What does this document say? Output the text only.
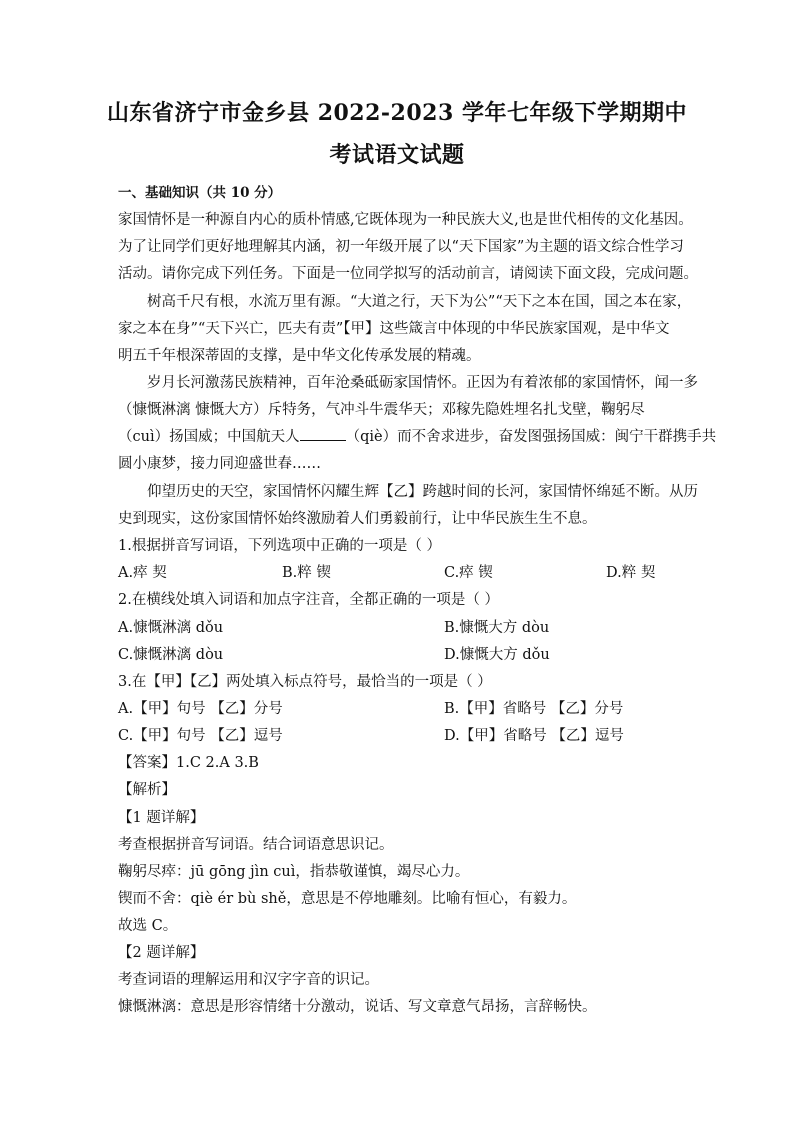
山东省济宁市金乡县 2022-2023 学年七年级下学期期中
考试语文试题
一、基础知识（共 10 分）
家国情怀是一种源自内心的质朴情感,它既体现为一种民族大义,也是世代相传的文化基因。
为了让同学们更好地理解其内涵，初一年级开展了以“天下国家”为主题的语文综合性学习
活动。请你完成下列任务。下面是一位同学拟写的活动前言，请阅读下面文段，完成问题。
树高千尺有根，水流万里有源。“大道之行，天下为公”“天下之本在国，国之本在家，
家之本在身”“天下兴亡，匹夫有责”【甲】这些箴言中体现的中华民族家国观，是中华文
明五千年根深蒂固的支撑，是中华文化传承发展的精魂。
岁月长河激荡民族精神，百年沧桑砥砺家国情怀。正因为有着浓郁的家国情怀，闻一多
（慷慨淋漓 慷慨大方）斥特务，气冲斗牛震华天；邓稼先隐姓埋名扎戈壁，鞠躬尽
（cuì）扬国威；中国航天人	（qiè）而不舍求进步，奋发图强扬国威：闽宁干群携手共
圆小康梦，接力同迎盛世春……
仰望历史的天空，家国情怀闪耀生辉【乙】跨越时间的长河，家国情怀绵延不断。从历
史到现实，这份家国情怀始终激励着人们勇毅前行，让中华民族生生不息。
1.根据拼音写词语，下列选项中正确的一项是（ ）
A.瘁 契	B.粹 锲	C.瘁 锲	D.粹 契
2.在横线处填入词语和加点字注音，全都正确的一项是（ ）
A.慷慨淋漓 dǒu	B.慷慨大方 dòu
C.慷慨淋漓 dòu	D.慷慨大方 dǒu
3.在【甲】【乙】两处填入标点符号，最恰当的一项是（ ）
A.【甲】句号 【乙】分号	B.【甲】省略号 【乙】分号
C.【甲】句号 【乙】逗号	D.【甲】省略号 【乙】逗号
【答案】1.C 2.A 3.B
【解析】
【1 题详解】
考查根据拼音写词语。结合词语意思识记。
鞠躬尽瘁：jū gōng jìn cuì，指恭敬谨慎，竭尽心力。
锲而不舍：qiè ér bù shě，意思是不停地雕刻。比喻有恒心，有毅力。
故选 C。
【2 题详解】
考查词语的理解运用和汉字字音的识记。
慷慨淋漓：意思是形容情绪十分激动，说话、写文章意气昂扬，言辞畅快。
